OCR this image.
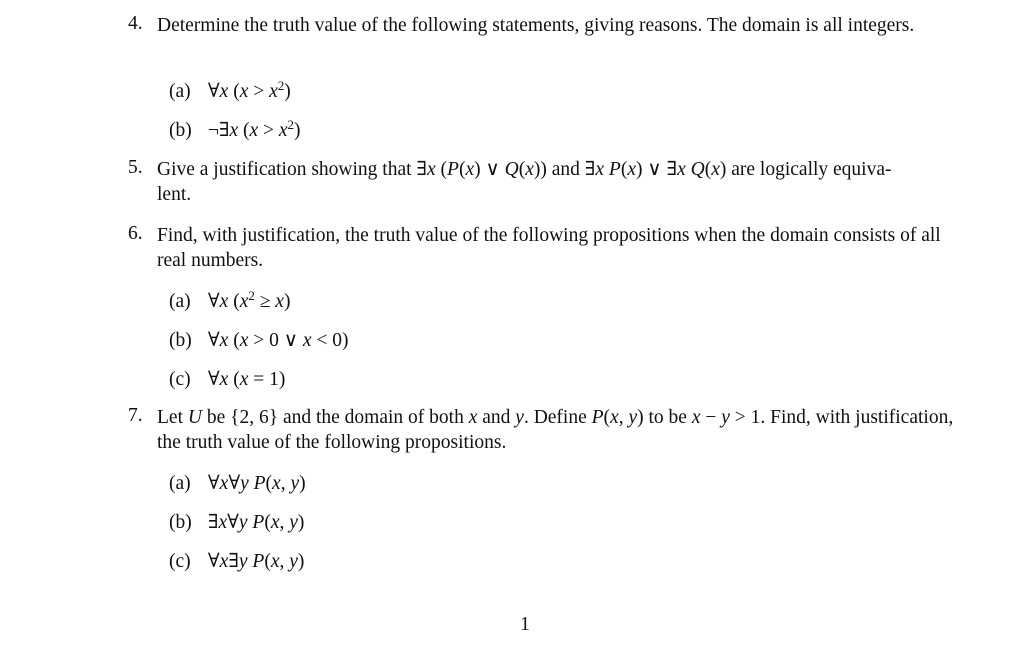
4. Determine the truth value of the following statements, giving reasons. The domain is all integers.
(a) ∀x $(x > x^2)$
(b) ¬∃x $(x > x^2)$
5. Give a justification showing that ∃x (P(x) ∨ Q(x)) and ∃x P(x) ∨ ∃x Q(x) are logically equiva-
lent.
6. Find, with justification, the truth value of the following propositions when the domain consists of all real numbers.
(a) ∀x $(x^2 \ge x)$
(b) ∀x (x > 0 ∨ x < 0)
(c) ∀x (x = 1)
7. Let U be {2, 6} and the domain of both x and y. Define P(x, y) to be x − y > 1. Find, with justification, the truth value of the following propositions.
(a) ∀x∀y P(x, y)
(b) ∃x∀y P(x, y)
(c) ∀x∃y P(x, y)
1
